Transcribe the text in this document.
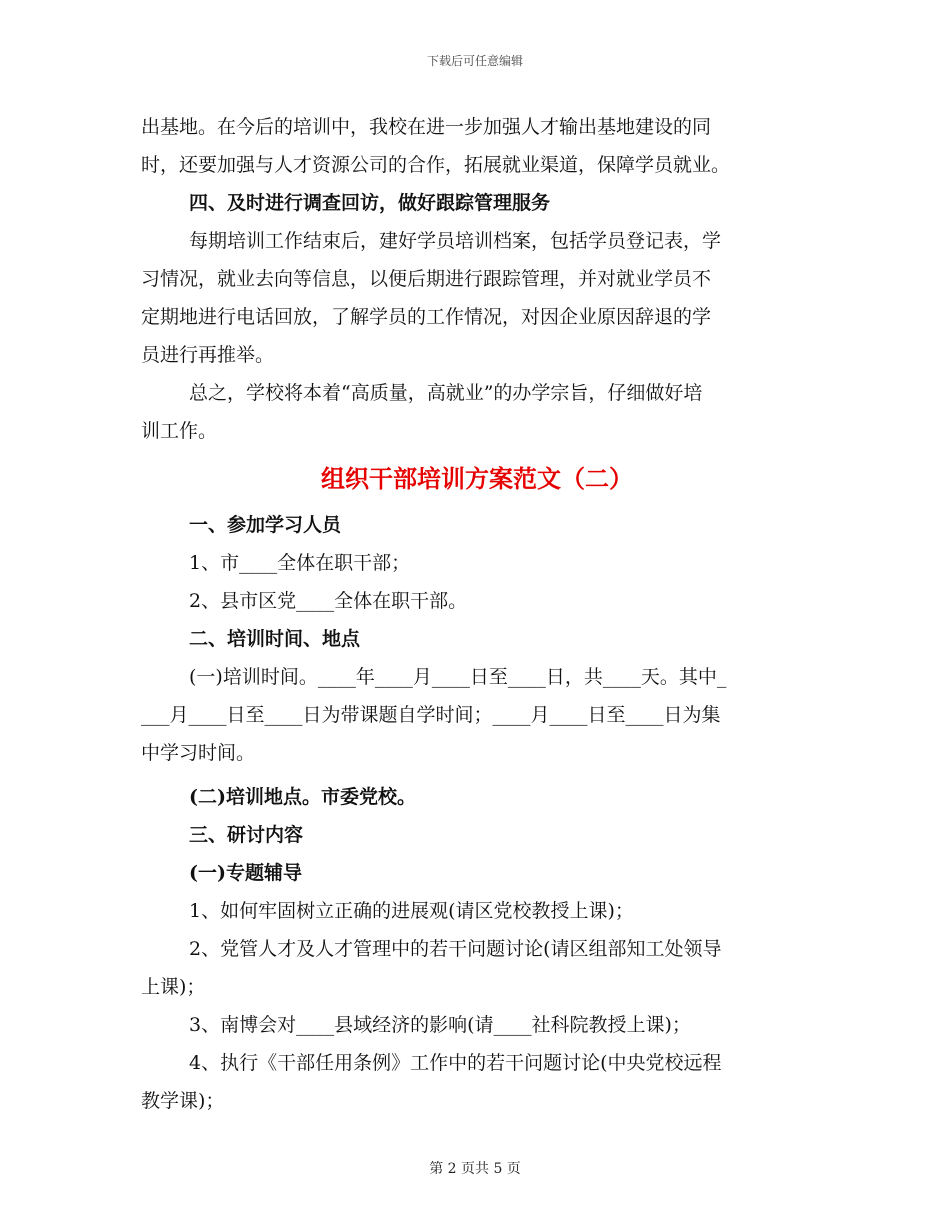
下载后可任意编辑
出基地。在今后的培训中，我校在进一步加强人才输出基地建设的同
时，还要加强与人才资源公司的合作，拓展就业渠道，保障学员就业。
四、及时进行调查回访，做好跟踪管理服务
每期培训工作结束后，建好学员培训档案，包括学员登记表，学
习情况，就业去向等信息，以便后期进行跟踪管理，并对就业学员不
定期地进行电话回放，了解学员的工作情况，对因企业原因辞退的学
员进行再推举。
总之，学校将本着“高质量，高就业”的办学宗旨，仔细做好培
训工作。
组织干部培训方案范文（二）
一、参加学习人员
1、市____全体在职干部；
2、县市区党____全体在职干部。
二、培训时间、地点
(一)培训时间。____年____月____日至____日，共____天。其中_
___月____日至____日为带课题自学时间；____月____日至____日为集
中学习时间。
(二)培训地点。市委党校。
三、研讨内容
(一)专题辅导
1、如何牢固树立正确的进展观(请区党校教授上课)；
2、党管人才及人才管理中的若干问题讨论(请区组部知工处领导
上课)；
3、南博会对____县域经济的影响(请____社科院教授上课)；
4、执行《干部任用条例》工作中的若干问题讨论(中央党校远程
教学课)；
第 2 页共 5 页
